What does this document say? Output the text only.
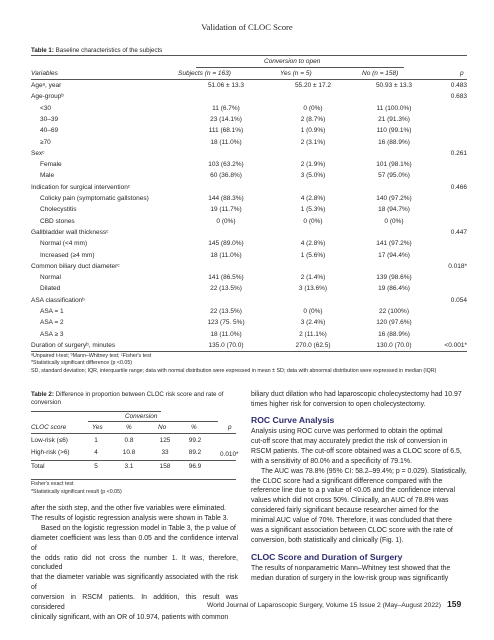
Validation of CLOC Score
Table 1: Baseline characteristics of the subjects
Conversion to open
Variables	Subjects (n = 163)	Yes (n = 5)	No (n = 158)	p
Ageᵃ, year	51.06 ± 13.3	55.20 ± 17.2	50.93 ± 13.3	0.483
Age-groupᵇ	0.683
<30	11 (6.7%)	0 (0%)	11 (100.0%)
30–39	23 (14.1%)	2 (8.7%)	21 (91.3%)
40–69	111 (68.1%)	1 (0.9%)	110 (99.1%)
≥70	18 (11.0%)	2 (3.1%)	16 (88.9%)
Sexᶜ	0.261
Female	103 (63.2%)	2 (1.9%)	101 (98.1%)
Male	60 (36.8%)	3 (5.0%)	57 (95.0%)
Indication for surgical interventionᶜ	0.466
Colicky pain (symptomatic gallstones)	144 (88.3%)	4 (2.8%)	140 (97.2%)
Cholecystitis	19 (11.7%)	1 (5.3%)	18 (94.7%)
CBD stones	0 (0%)	0 (0%)	0 (0%)
Gallbladder wall thicknessᶜ	0.447
Normal (<4 mm)	145 (89.0%)	4 (2.8%)	141 (97.2%)
Increased (≥4 mm)	18 (11.0%)	1 (5.6%)	17 (94.4%)
Common biliary duct diameterᶜ	0.018*
Normal	141 (86.5%)	2 (1.4%)	139 (98.6%)
Dilated	22 (13.5%)	3 (13.6%)	19 (86.4%)
ASA classificationᵇ	0.054
ASA = 1	22 (13.5%)	0 (0%)	22 (100%)
ASA = 2	123 (75. 5%)	3 (2.4%)	120 (97.6%)
ASA ≥ 3	18 (11.0%)	2 (11.1%)	16 (88.9%)
Duration of surgeryᵇ, minutes	135.0 (70.0)	270.0 (62.5)	130.0 (70.0)	<0.001*
ᵃUnpaired t-test; ᵇMann–Whitney test; ᶜFisher's test
*Statistically significant difference (p <0.05)
SD, standard deviation; IQR, interquartile range; data with normal distribution were expressed in mean ± SD; data with abnormal distribution were expressed in median (IQR)
Table 2: Difference in proportion between CLOC risk score and rate of conversion
Conversion
CLOC score	Yes	%	No	%	p
Low-risk (≤6)	1	0.8	125	99.2
High-risk (>6)	4	10.8	33	89.2
Total	5	3.1	158	96.9
0.010*
Fisher's exact test
*Statistically significant result (p <0.05)
after the sixth step, and the other five variables were eliminated.
The results of logistic regression analysis were shown in Table 3.
Based on the logistic regression model in Table 3, the p value of
diameter coefficient was less than 0.05 and the confidence interval of
the odds ratio did not cross the number 1. It was, therefore, concluded
that the diameter variable was significantly associated with the risk of
conversion in RSCM patients. In addition, this result was considered
clinically significant, with an OR of 10.974, patients with common
biliary duct dilation who had laparoscopic cholecystectomy had 10.97
times higher risk for conversion to open cholecystectomy.
ROC Curve Analysis
Analysis using ROC curve was performed to obtain the optimal
cut-off score that may accurately predict the risk of conversion in
RSCM patients. The cut-off score obtained was a CLOC score of 6.5,
with a sensitivity of 80.0% and a specificity of 79.1%.
The AUC was 78.8% (95% CI: 58.2–99.4%; p = 0.029). Statistically,
the CLOC score had a significant difference compared with the
reference line due to a p value of <0.05 and the confidence interval
values which did not cross 50%. Clinically, an AUC of 78.8% was
considered fairly significant because researcher aimed for the
minimal AUC value of 70%. Therefore, it was concluded that there
was a significant association between CLOC score with the rate of
conversion, both statistically and clinically (Fig. 1).
CLOC Score and Duration of Surgery
The results of nonparametric Mann–Whitney test showed that the
median duration of surgery in the low-risk group was significantly
World Journal of Laparoscopic Surgery, Volume 15 Issue 2 (May–August 2022) 159
